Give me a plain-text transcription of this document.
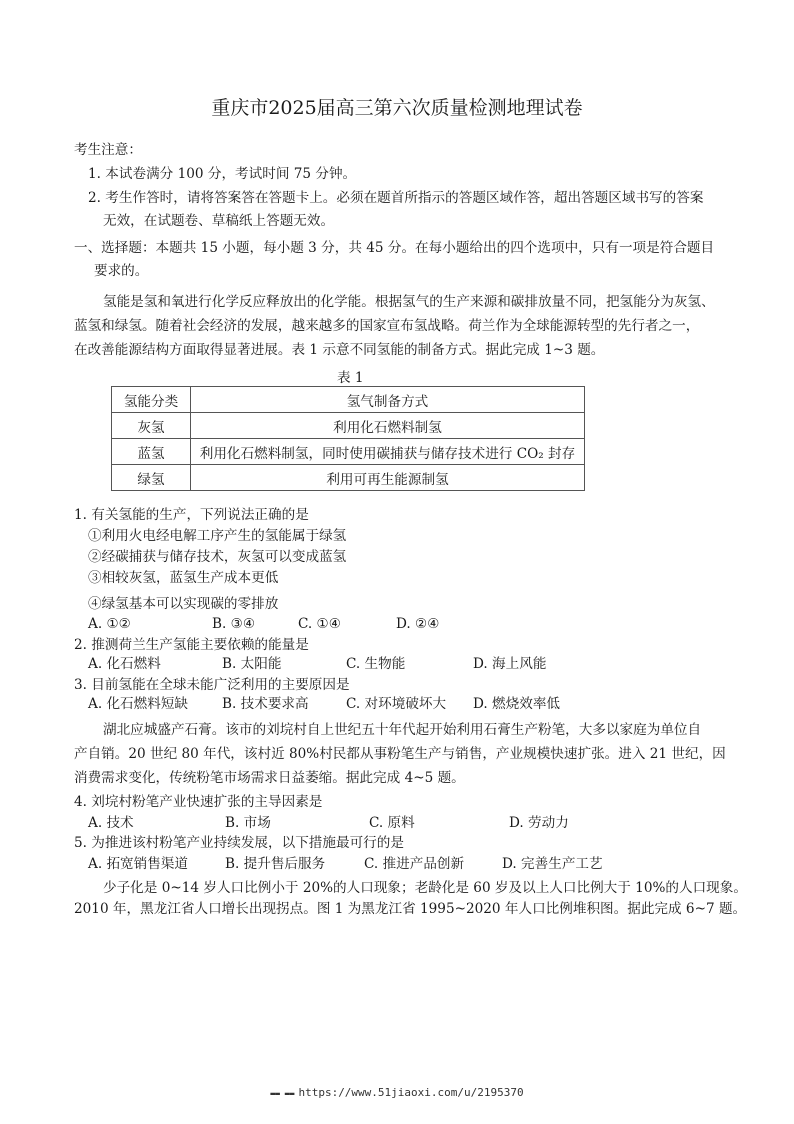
重庆市2025届高三第六次质量检测地理试卷
考生注意：
1. 本试卷满分 100 分，考试时间 75 分钟。
2. 考生作答时，请将答案答在答题卡上。必须在题首所指示的答题区域作答，超出答题区域书写的答案
无效，在试题卷、草稿纸上答题无效。
一、选择题：本题共 15 小题，每小题 3 分，共 45 分。在每小题给出的四个选项中，只有一项是符合题目
要求的。
氢能是氢和氧进行化学反应释放出的化学能。根据氢气的生产来源和碳排放量不同，把氢能分为灰氢、
蓝氢和绿氢。随着社会经济的发展，越来越多的国家宣布氢战略。荷兰作为全球能源转型的先行者之一，
在改善能源结构方面取得显著进展。表 1 示意不同氢能的制备方式。据此完成 1~3 题。
表 1
氢能分类	氢气制备方式
灰氢	利用化石燃料制氢
蓝氢	利用化石燃料制氢，同时使用碳捕获与储存技术进行 CO₂ 封存
绿氢	利用可再生能源制氢
1. 有关氢能的生产，下列说法正确的是
①利用火电经电解工序产生的氢能属于绿氢
②经碳捕获与储存技术，灰氢可以变成蓝氢
③相较灰氢，蓝氢生产成本更低
④绿氢基本可以实现碳的零排放
A. ①②	B. ③④	C. ①④	D. ②④
2. 推测荷兰生产氢能主要依赖的能量是
A. 化石燃料	B. 太阳能	C. 生物能	D. 海上风能
3. 目前氢能在全球未能广泛利用的主要原因是
A. 化石燃料短缺 B. 技术要求高	C. 对环境破坏大 D. 燃烧效率低
湖北应城盛产石膏。该市的刘垸村自上世纪五十年代起开始利用石膏生产粉笔，大多以家庭为单位自
产自销。20 世纪 80 年代，该村近 80%村民都从事粉笔生产与销售，产业规模快速扩张。进入 21 世纪，因
消费需求变化，传统粉笔市场需求日益萎缩。据此完成 4~5 题。
4. 刘垸村粉笔产业快速扩张的主导因素是
A. 技术	B. 市场	C. 原料	D. 劳动力
5. 为推进该村粉笔产业持续发展，以下措施最可行的是
A. 拓宽销售渠道	B. 提升售后服务	C. 推进产品创新	D. 完善生产工艺
少子化是 0~14 岁人口比例小于 20%的人口现象；老龄化是 60 岁及以上人口比例大于 10%的人口现象。
2010 年，黑龙江省人口增长出现拐点。图 1 为黑龙江省 1995~2020 年人口比例堆积图。据此完成 6~7 题。
▬▬ ▬▬ https://www.51jiaoxi.com/u/2195370
